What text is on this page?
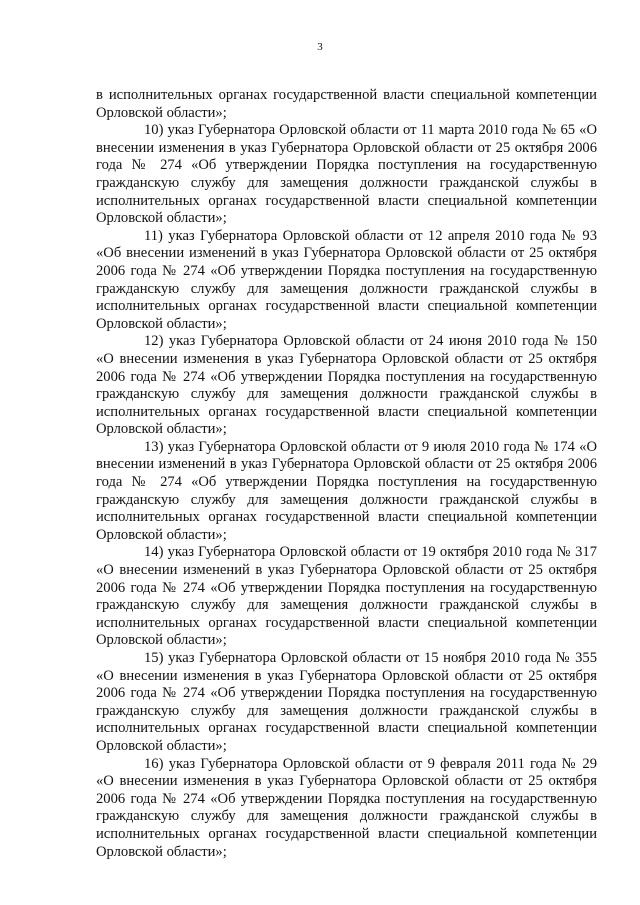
3

в исполнительных органах государственной власти специальной компетенции Орловской области»;

10) указ Губернатора Орловской области от 11 марта 2010 года № 65 «О внесении изменения в указ Губернатора Орловской области от 25 октября 2006 года № 274 «Об утверждении Порядка поступления на государственную гражданскую службу для замещения должности гражданской службы в исполнительных органах государственной власти специальной компетенции Орловской области»;

11) указ Губернатора Орловской области от 12 апреля 2010 года № 93 «Об внесении изменений в указ Губернатора Орловской области от 25 октября 2006 года № 274 «Об утверждении Порядка поступления на государственную гражданскую службу для замещения должности гражданской службы в исполнительных органах государственной власти специальной компетенции Орловской области»;

12) указ Губернатора Орловской области от 24 июня 2010 года № 150 «О внесении изменения в указ Губернатора Орловской области от 25 октября 2006 года № 274 «Об утверждении Порядка поступления на государственную гражданскую службу для замещения должности гражданской службы в исполнительных органах государственной власти специальной компетенции Орловской области»;

13) указ Губернатора Орловской области от 9 июля 2010 года № 174 «О внесении изменений в указ Губернатора Орловской области от 25 октября 2006 года № 274 «Об утверждении Порядка поступления на государственную гражданскую службу для замещения должности гражданской службы в исполнительных органах государственной власти специальной компетенции Орловской области»;

14) указ Губернатора Орловской области от 19 октября 2010 года № 317 «О внесении изменений в указ Губернатора Орловской области от 25 октября 2006 года № 274 «Об утверждении Порядка поступления на государственную гражданскую службу для замещения должности гражданской службы в исполнительных органах государственной власти специальной компетенции Орловской области»;

15) указ Губернатора Орловской области от 15 ноября 2010 года № 355 «О внесении изменения в указ Губернатора Орловской области от 25 октября 2006 года № 274 «Об утверждении Порядка поступления на государственную гражданскую службу для замещения должности гражданской службы в исполнительных органах государственной власти специальной компетенции Орловской области»;

16) указ Губернатора Орловской области от 9 февраля 2011 года № 29 «О внесении изменения в указ Губернатора Орловской области от 25 октября 2006 года № 274 «Об утверждении Порядка поступления на государственную гражданскую службу для замещения должности гражданской службы в исполнительных органах государственной власти специальной компетенции Орловской области»;
